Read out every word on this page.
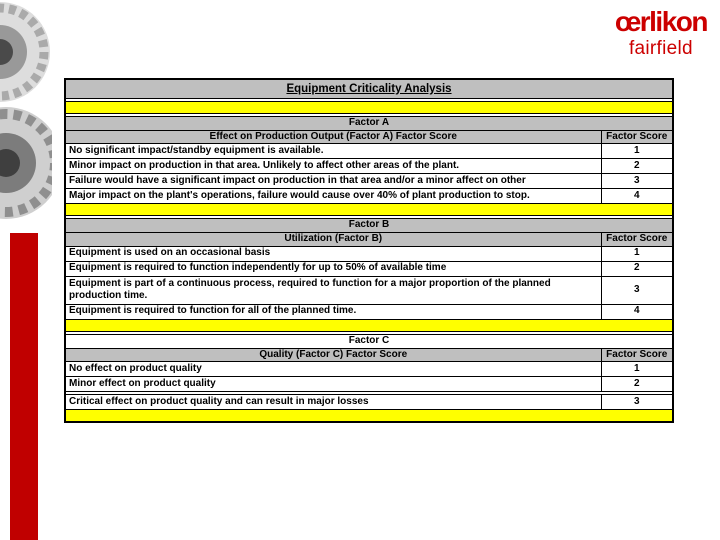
œrlikon
fairfield
Equipment Criticality Analysis	

Factor A	
Effect on Production Output (Factor A) Factor Score	Factor Score
No significant impact/standby equipment is available.	1
Minor impact on production in that area. Unlikely to affect other areas of the plant.	2
Failure would have a significant impact on production in that area and/or a minor affect on other	3
Major impact on the plant's operations, failure would cause over 40% of plant production to stop.	4

Factor B	
Utilization (Factor B)	Factor Score
Equipment is used on an occasional basis	1
Equipment is required to function independently for up to 50% of available time	2
Equipment is part of a continuous process, required to function for a major proportion of the planned production time.	3
Equipment is required to function for all of the planned time.	4

Factor C	
Quality (Factor C) Factor Score	Factor Score
No effect on product quality	1
Minor effect on product quality	2

Critical effect on product quality and can result in major losses	3
